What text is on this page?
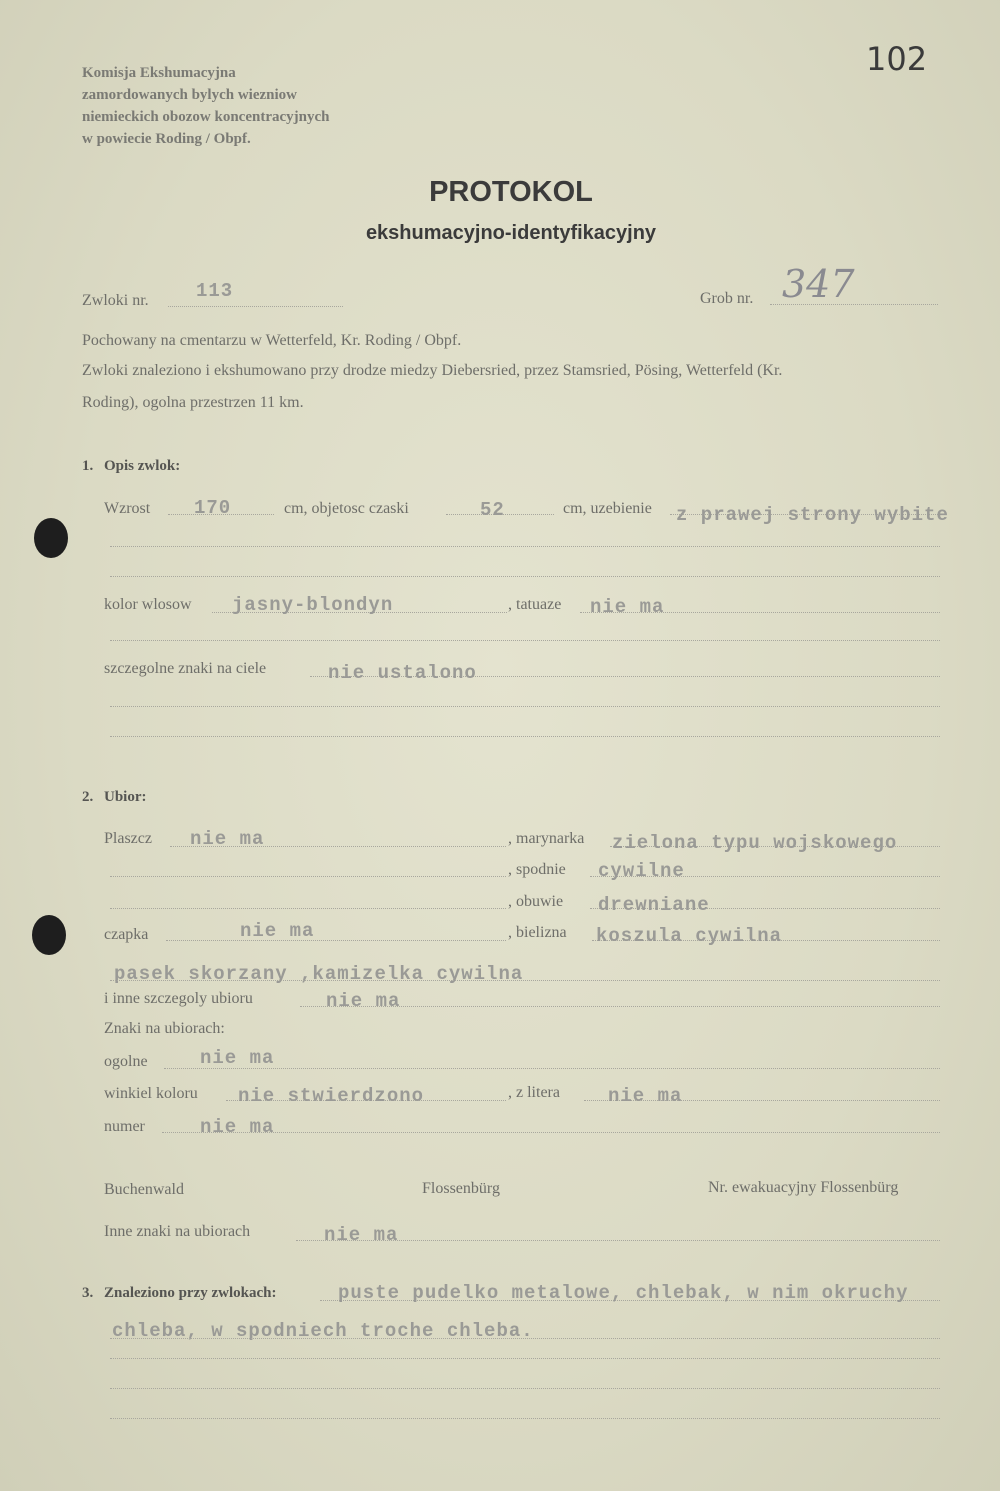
Komisja Ekshumacyjna
zamordowanych bylych wiezniow
niemieckich obozow koncentracyjnych
w powiecie Roding / Obpf.
102
PROTOKOL
ekshumacyjno-identyfikacyjny
Zwloki nr. 113	Grob nr. 347
Pochowany na cmentarzu w Wetterfeld, Kr. Roding / Obpf.
Zwloki znaleziono i ekshumowano przy drodze miedzy Diebersried, przez Stamsried, Pösing, Wetterfeld (Kr.
Roding), ogolna przestrzen 11 km.
1. Opis zwlok:
Wzrost 170	cm, objetosc czaski	52	cm, uzebienie z prawej strony wybite
kolor wlosow jasny-blondyn	, tatuaze nie ma
szczegolne znaki na ciele	nie ustalono
2. Ubior:
Plaszcz nie ma	, marynarka zielona typu wojskowego
, spodnie cywilne
, obuwie drewniane
czapka	nie ma	, bielizna koszula cywilna
pasek skorzany ,kamizelka cywilna
i inne szczegoly ubioru	nie ma
Znaki na ubiorach:
ogolne	nie ma
winkiel koloru nie stwierdzono	, z litera	nie ma
numer	nie ma
Buchenwald	Flossenbürg	Nr. ewakuacyjny Flossenbürg
Inne znaki na ubiorach	nie ma
3. Znaleziono przy zwlokach:	puste pudelko metalowe, chlebak, w nim okruchy
chleba, w spodniech troche chleba.
